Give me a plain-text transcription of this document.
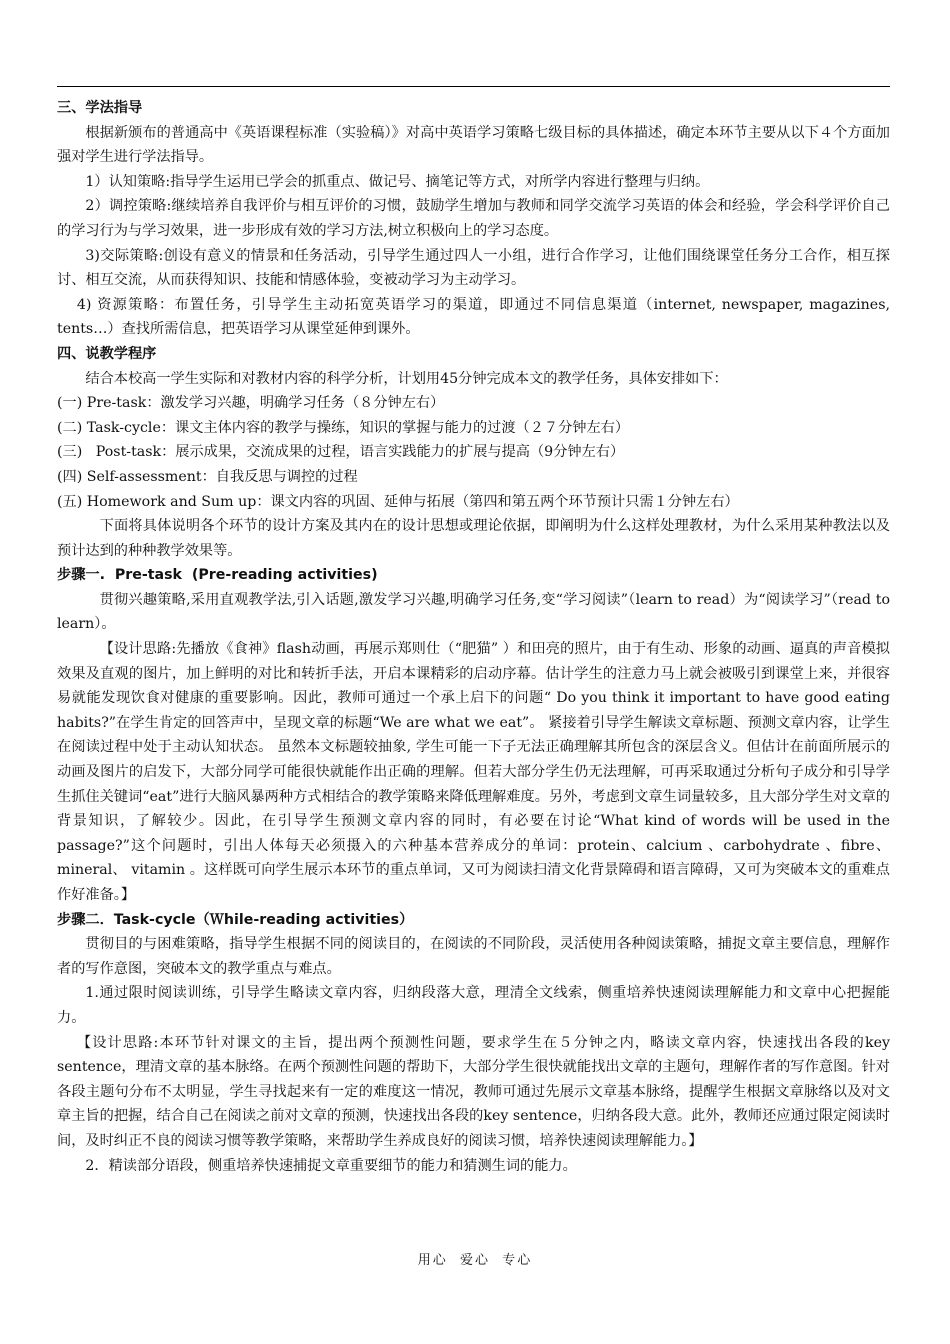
三、学法指导

根据新颁布的普通高中《英语课程标准（实验稿）》对高中英语学习策略七级目标的具体描述，确定本环节主要从以下４个方面加强对学生进行学法指导。

1）认知策略:指导学生运用已学会的抓重点、做记号、摘笔记等方式，对所学内容进行整理与归纳。

2）调控策略:继续培养自我评价与相互评价的习惯，鼓励学生增加与教师和同学交流学习英语的体会和经验，学会科学评价自己的学习行为与学习效果，进一步形成有效的学习方法,树立积极向上的学习态度。

3)交际策略:创设有意义的情景和任务活动，引导学生通过四人一小组，进行合作学习，让他们围绕课堂任务分工合作，相互探讨、相互交流，从而获得知识、技能和情感体验，变被动学习为主动学习。

4) 资源策略：布置任务，引导学生主动拓宽英语学习的渠道，即通过不同信息渠道（internet, newspaper, magazines, tents…）查找所需信息，把英语学习从课堂延伸到课外。

四、说教学程序

结合本校高一学生实际和对教材内容的科学分析，计划用45分钟完成本文的教学任务，具体安排如下：

(一) Pre-task：激发学习兴趣，明确学习任务（８分钟左右）

(二) Task-cycle：课文主体内容的教学与操练，知识的掌握与能力的过渡（２７分钟左右）

(三)   Post-task：展示成果，交流成果的过程，语言实践能力的扩展与提高（9分钟左右）

(四) Self-assessment：自我反思与调控的过程

(五) Homework and Sum up：课文内容的巩固、延伸与拓展（第四和第五两个环节预计只需１分钟左右）

下面将具体说明各个环节的设计方案及其内在的设计思想或理论依据，即阐明为什么这样处理教材，为什么采用某种教法以及预计达到的种种教学效果等。

步骤一.  Pre-task  (Pre-reading activities)

贯彻兴趣策略,采用直观教学法,引入话题,激发学习兴趣,明确学习任务,变“学习阅读”（learn to read）为“阅读学习”（read to learn）。

【设计思路:先播放《食神》flash动画，再展示郑则仕（“肥猫” ）和田亮的照片，由于有生动、形象的动画、逼真的声音模拟效果及直观的图片，加上鲜明的对比和转折手法，开启本课精彩的启动序幕。估计学生的注意力马上就会被吸引到课堂上来，并很容易就能发现饮食对健康的重要影响。因此，教师可通过一个承上启下的问题“ Do you think it important to have good eating habits?”在学生肯定的回答声中，呈现文章的标题“We are what we eat”。 紧接着引导学生解读文章标题、预测文章内容，让学生在阅读过程中处于主动认知状态。 虽然本文标题较抽象, 学生可能一下子无法正确理解其所包含的深层含义。但估计在前面所展示的动画及图片的启发下，大部分同学可能很快就能作出正确的理解。但若大部分学生仍无法理解，可再采取通过分析句子成分和引导学生抓住关键词“eat”进行大脑风暴两种方式相结合的教学策略来降低理解难度。另外，考虑到文章生词量较多，且大部分学生对文章的背景知识，了解较少。因此，在引导学生预测文章内容的同时，有必要在讨论“What kind of words will be used in the passage?”这个问题时，引出人体每天必须摄入的六种基本营养成分的单词：protein、calcium 、carbohydrate 、fibre、 mineral、 vitamin 。这样既可向学生展示本环节的重点单词，又可为阅读扫清文化背景障碍和语言障碍，又可为突破本文的重难点作好准备。】

步骤二．Task-cycle（Ｗhile-reading activities）

贯彻目的与困难策略，指导学生根据不同的阅读目的，在阅读的不同阶段，灵活使用各种阅读策略，捕捉文章主要信息，理解作者的写作意图，突破本文的教学重点与难点。

1.通过限时阅读训练，引导学生略读文章内容，归纳段落大意，理清全文线索，侧重培养快速阅读理解能力和文章中心把握能力。

【设计思路:本环节针对课文的主旨，提出两个预测性问题，要求学生在５分钟之内，略读文章内容，快速找出各段的key sentence，理清文章的基本脉络。在两个预测性问题的帮助下，大部分学生很快就能找出文章的主题句，理解作者的写作意图。针对各段主题句分布不太明显，学生寻找起来有一定的难度这一情况，教师可通过先展示文章基本脉络，提醒学生根据文章脉络以及对文章主旨的把握，结合自己在阅读之前对文章的预测，快速找出各段的key sentence，归纳各段大意。此外，教师还应通过限定阅读时间，及时纠正不良的阅读习惯等教学策略，来帮助学生养成良好的阅读习惯，培养快速阅读理解能力。】

2．精读部分语段，侧重培养快速捕捉文章重要细节的能力和猜测生词的能力。

用心  爱心  专心
